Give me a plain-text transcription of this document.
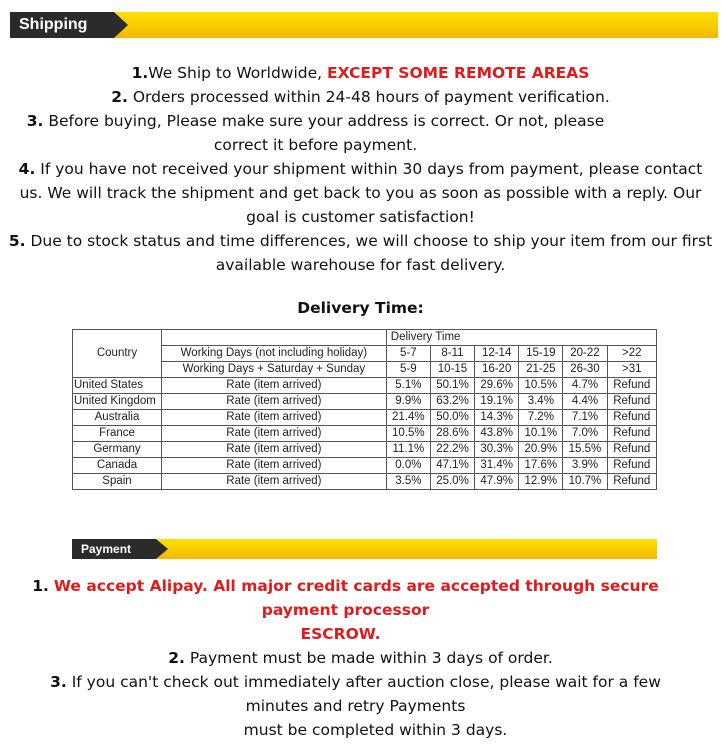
Shipping

1.We Ship to Worldwide, EXCEPT SOME REMOTE AREAS

2. Orders processed within 24-48 hours of payment verification.

3. Before buying, Please make sure your address is correct. Or not, please correct it before payment.

4. If you have not received your shipment within 30 days from payment, please contact us. We will track the shipment and get back to you as soon as possible with a reply. Our goal is customer satisfaction!

5. Due to stock status and time differences, we will choose to ship your item from our first available warehouse for fast delivery.

Delivery Time:
Country		Delivery Time					
	Working Days (not including holiday)	5-7	8-11	12-14	15-19	20-22	>22
	Working Days + Saturday + Sunday	5-9	10-15	16-20	21-25	26-30	>31
United States	Rate (item arrived)	5.1%	50.1%	29.6%	10.5%	4.7%	Refund
United Kingdom	Rate (item arrived)	9.9%	63.2%	19.1%	3.4%	4.4%	Refund
Australia	Rate (item arrived)	21.4%	50.0%	14.3%	7.2%	7.1%	Refund
France	Rate (item arrived)	10.5%	28.6%	43.8%	10.1%	7.0%	Refund
Germany	Rate (item arrived)	11.1%	22.2%	30.3%	20.9%	15.5%	Refund
Canada	Rate (item arrived)	0.0%	47.1%	31.4%	17.6%	3.9%	Refund
Spain	Rate (item arrived)	3.5%	25.0%	47.9%	12.9%	10.7%	Refund
Payment

1. We accept Alipay. All major credit cards are accepted through secure payment processor

ESCROW.

2. Payment must be made within 3 days of order.

3. If you can't check out immediately after auction close, please wait for a few minutes and retry Payments

must be completed within 3 days.
